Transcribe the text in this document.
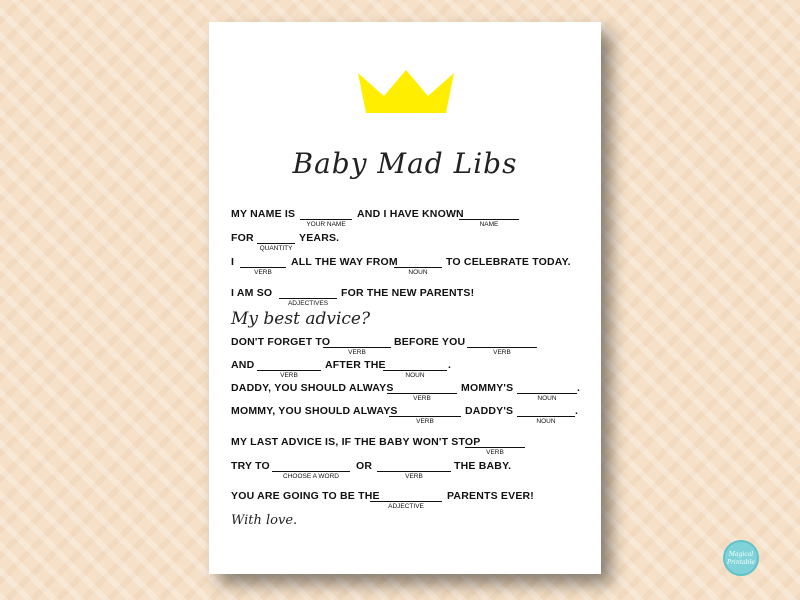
Baby Mad Libs
MY NAME IS
YOUR NAME
AND I HAVE KNOWN
NAME
FOR
QUANTITY
YEARS.
I
VERB
ALL THE WAY FROM
NOUN
TO CELEBRATE TODAY.
I AM SO
ADJECTIVES
FOR THE NEW PARENTS!
My best advice?
DON'T FORGET TO
VERB
BEFORE YOU
VERB
AND
VERB
AFTER THE
NOUN
.
DADDY, YOU SHOULD ALWAYS
VERB
MOMMY'S
NOUN
.
MOMMY, YOU SHOULD ALWAYS
VERB
DADDY'S
NOUN
.
MY LAST ADVICE IS, IF THE BABY WON'T STOP
VERB
TRY TO
CHOOSE A WORD
OR
VERB
THE BABY.
YOU ARE GOING TO BE THE
ADJECTIVE
PARENTS EVER!
With love.
Magical
Printable
